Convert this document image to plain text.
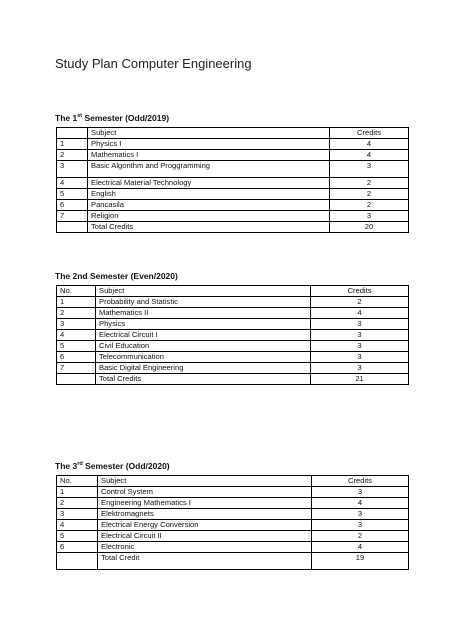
Study Plan Computer Engineering
The 1st Semester (Odd/2019)
	Subject	Credits
1	Physics I	4
2	Mathematics I	4
3	Basic Algorithm and Proggramming	3
4	Electrical Material Technology	2
5	English	2
6	Pancasila	2
7	Religion	3
	Total Credits	20
The 2nd Semester (Even/2020)
No.	Subject	Credits
1	Probability and Statistic	2
2	Mathematics II	4
3	Physics	3
4	Electrical Circuit I	3
5	Civil Education	3
6	Telecommunication	3
7	Basic Digital Engineering	3
	Total Credits	21
The 3rd Semester (Odd/2020)
No.	Subject	Credits
1	Control System	3
2	Engineering Mathematics I	4
3	Elektromagnets	3
4	Electrical Energy Conversion	3
5	Electrical Circuit II	2
6	Electronic	4
	Total Credit	19
